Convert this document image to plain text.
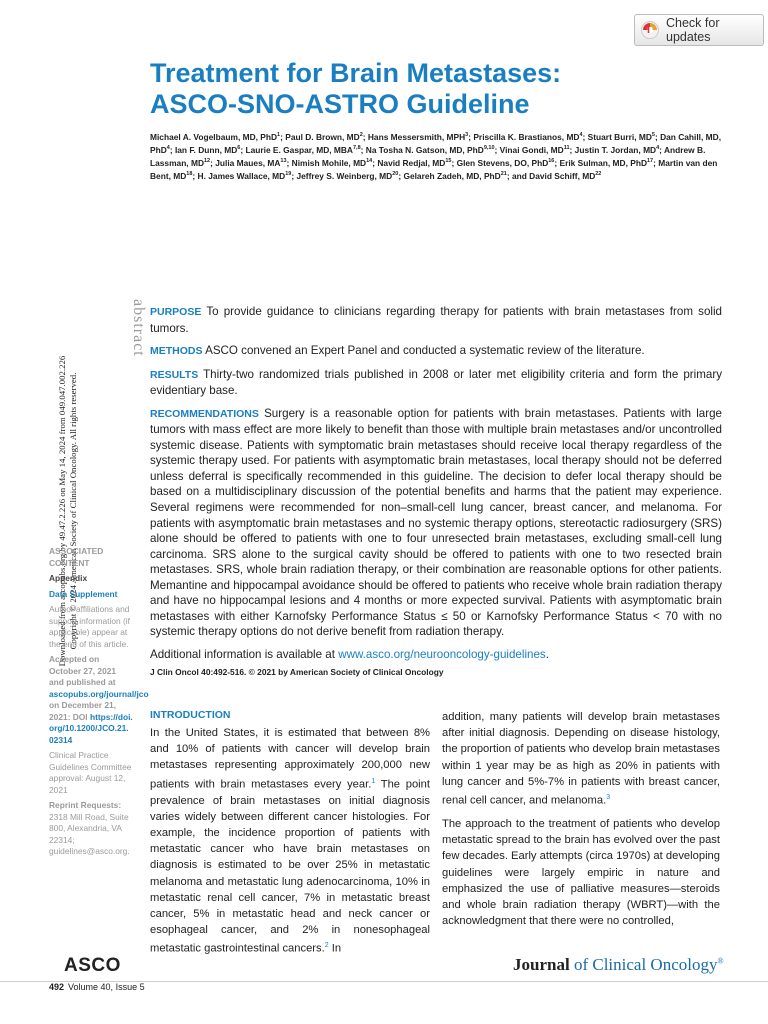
Check for updates
Treatment for Brain Metastases:
ASCO-SNO-ASTRO Guideline
Michael A. Vogelbaum, MD, PhD$^1$; Paul D. Brown, $MD^2$; Hans Messersmith, MPH$^3$; Priscilla K. Brastianos, $MD^4$; Stuart Burri, $MD^5$; Dan Cahill, MD, PhD$^4$; Ian F. Dunn, $MD^6$; Laurie E. Gaspar, MD, MBA$^{7,8}$; Na Tosha N. Gatson, MD, PhD$^{9,10}$; Vinai Gondi, MD$^{11}$; Justin T. Jordan, $MD^4$; Andrew B. Lassman, MD$^{12}$; Julia Maues, MA$^{13}$; Nimish Mohile, MD$^{14}$; Navid Redjal, MD$^{15}$; Glen Stevens, DO, PhD$^{16}$; Erik Sulman, MD, PhD$^{17}$; Martin van den Bent, MD$^{18}$; H. James Wallace, MD$^{19}$; Jeffrey S. Weinberg, MD$^{20}$; Gelareh Zadeh, MD, PhD$^{21}$; and David Schiff, MD$^{22}$
Downloaded from ascopubs.org by 49.47.2.226 on May 14, 2024 from 049.047.002.226 Copyright © 2024 American Society of Clinical Oncology. All rights reserved.
abstract PURPOSE To provide guidance to clinicians regarding therapy for patients with brain metastases from solid tumors.

METHODS ASCO convened an Expert Panel and conducted a systematic review of the literature.

RESULTS Thirty-two randomized trials published in 2008 or later met eligibility criteria and form the primary evidentiary base.

RECOMMENDATIONS Surgery is a reasonable option for patients with brain metastases. Patients with large tumors with mass effect are more likely to benefit than those with multiple brain metastases and/or uncontrolled systemic disease. Patients with symptomatic brain metastases should receive local therapy regardless of the systemic therapy used. For patients with asymptomatic brain metastases, local therapy should not be deferred unless deferral is specifically recommended in this guideline. The decision to defer local therapy should be based on a multidisciplinary discussion of the potential benefits and harms that the patient may experience. Several regimens were recommended for non–small-cell lung cancer, breast cancer, and melanoma. For patients with asymptomatic brain metastases and no systemic therapy options, stereotactic radiosurgery (SRS) alone should be offered to patients with one to four unresected brain metastases, excluding small-cell lung carcinoma. SRS alone to the surgical cavity should be offered to patients with one to two resected brain metastases. SRS, whole brain radiation therapy, or their combination are reasonable options for other patients. Memantine and hippocampal avoidance should be offered to patients who receive whole brain radiation therapy and have no hippocampal lesions and 4 months or more expected survival. Patients with asymptomatic brain metastases with either Karnofsky Performance Status ≤ 50 or Karnofsky Performance Status < 70 with no systemic therapy options do not derive benefit from radiation therapy.

Additional information is available at www.asco.org/neurooncology-guidelines.

J Clin Oncol 40:492-516. © 2021 by American Society of Clinical Oncology
ASSOCIATED
CONTENT
Appendix
Data Supplement
Author affiliations and support information (if applicable) appear at the end of this article.
Accepted on October 27, 2021 and published at ascopubs.org/journal/jco on December 21, 2021: DOI https://doi.org/10.1200/JCO.21.02314
Clinical Practice Guidelines Committee approval: August 12, 2021
Reprint Requests:
2318 Mill Road, Suite 800, Alexandria, VA 22314; guidelines@asco.org.
INTRODUCTION

In the United States, it is estimated that between 8% and 10% of patients with cancer will develop brain metastases representing approximately 200,000 new patients with brain metastases every year.$^1$ The point prevalence of brain metastases on initial diagnosis varies widely between different cancer histologies. For example, the incidence proportion of patients with metastatic cancer who have brain metastases on diagnosis is estimated to be over 25% in metastatic melanoma and metastatic lung adenocarcinoma, 10% in metastatic renal cell cancer, 7% in metastatic breast cancer, 5% in metastatic head and neck cancer or esophageal cancer, and 2% in nonesophageal metastatic gastrointestinal cancers.$^2$ In

addition, many patients will develop brain metastases after initial diagnosis. Depending on disease histology, the proportion of patients who develop brain metastases within 1 year may be as high as 20% in patients with lung cancer and 5%-7% in patients with breast cancer, renal cell cancer, and melanoma.$^3$

The approach to the treatment of patients who develop metastatic spread to the brain has evolved over the past few decades. Early attempts (circa 1970s) at developing guidelines were largely empiric in nature and emphasized the use of palliative measures—steroids and whole brain radiation therapy (WBRT)—with the acknowledgment that there were no controlled,

ASCO	Journal of Clinical Oncology®
492 Volume 40, Issue 5
